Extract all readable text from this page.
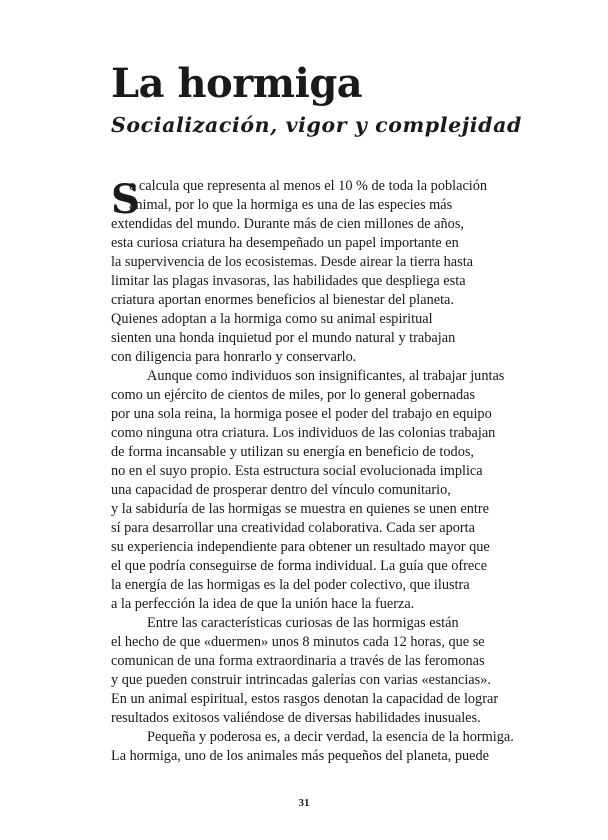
La hormiga
Socialización, vigor y complejidad
S
e calcula que representa al menos el 10 % de toda la población
animal, por lo que la hormiga es una de las especies más
extendidas del mundo. Durante más de cien millones de años,
esta curiosa criatura ha desempeñado un papel importante en
la supervivencia de los ecosistemas. Desde airear la tierra hasta
limitar las plagas invasoras, las habilidades que despliega esta
criatura aportan enormes beneficios al bienestar del planeta.
Quienes adoptan a la hormiga como su animal espiritual
sienten una honda inquietud por el mundo natural y trabajan
con diligencia para honrarlo y conservarlo.
Aunque como individuos son insignificantes, al trabajar juntas
como un ejército de cientos de miles, por lo general gobernadas
por una sola reina, la hormiga posee el poder del trabajo en equipo
como ninguna otra criatura. Los individuos de las colonias trabajan
de forma incansable y utilizan su energía en beneficio de todos,
no en el suyo propio. Esta estructura social evolucionada implica
una capacidad de prosperar dentro del vínculo comunitario,
y la sabiduría de las hormigas se muestra en quienes se unen entre
sí para desarrollar una creatividad colaborativa. Cada ser aporta
su experiencia independiente para obtener un resultado mayor que
el que podría conseguirse de forma individual. La guía que ofrece
la energía de las hormigas es la del poder colectivo, que ilustra
a la perfección la idea de que la unión hace la fuerza.
Entre las características curiosas de las hormigas están
el hecho de que «duermen» unos 8 minutos cada 12 horas, que se
comunican de una forma extraordinaria a través de las feromonas
y que pueden construir intrincadas galerías con varias «estancias».
En un animal espiritual, estos rasgos denotan la capacidad de lograr
resultados exitosos valiéndose de diversas habilidades inusuales.
Pequeña y poderosa es, a decir verdad, la esencia de la hormiga.
La hormiga, uno de los animales más pequeños del planeta, puede
31
